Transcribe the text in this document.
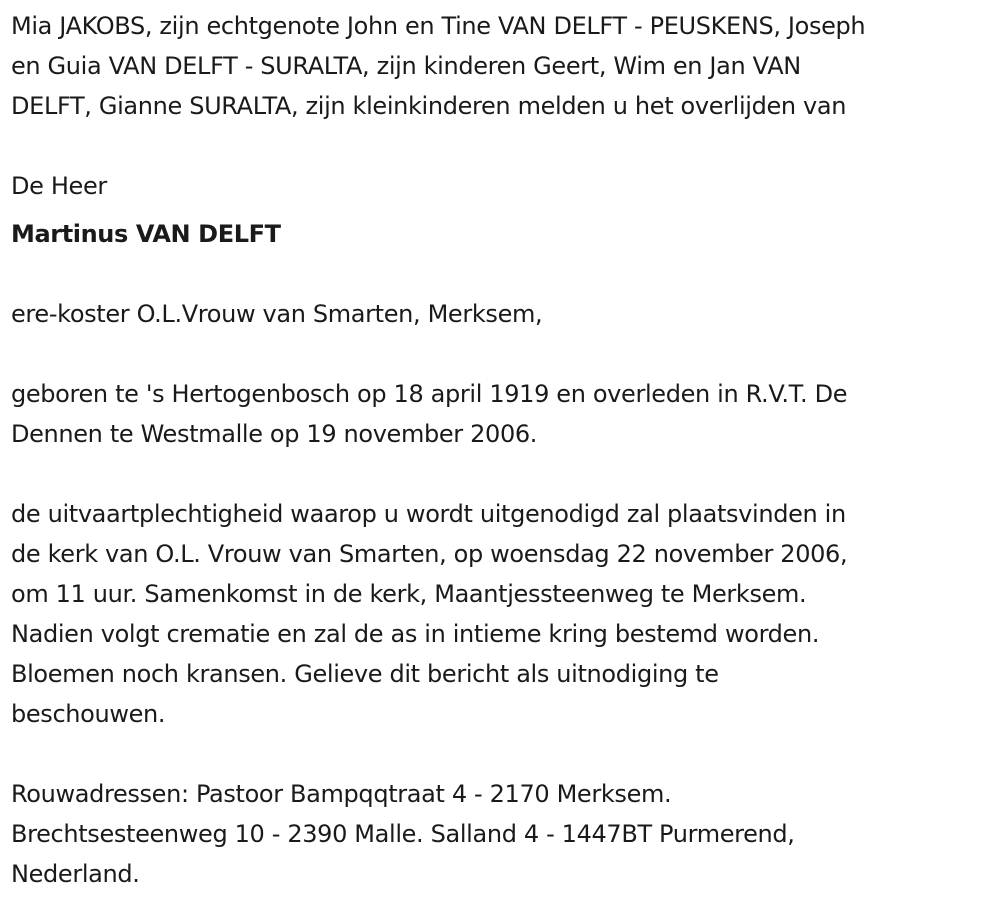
Mia JAKOBS, zijn echtgenote John en Tine VAN DELFT - PEUSKENS, Joseph
en Guia VAN DELFT - SURALTA, zijn kinderen Geert, Wim en Jan VAN
DELFT, Gianne SURALTA, zijn kleinkinderen melden u het overlijden van
De Heer
Martinus VAN DELFT
ere-koster O.L.Vrouw van Smarten, Merksem,
geboren te 's Hertogenbosch op 18 april 1919 en overleden in R.V.T. De
Dennen te Westmalle op 19 november 2006.
de uitvaartplechtigheid waarop u wordt uitgenodigd zal plaatsvinden in
de kerk van O.L. Vrouw van Smarten, op woensdag 22 november 2006,
om 11 uur. Samenkomst in de kerk, Maantjessteenweg te Merksem.
Nadien volgt crematie en zal de as in intieme kring bestemd worden.
Bloemen noch kransen. Gelieve dit bericht als uitnodiging te
beschouwen.
Rouwadressen: Pastoor Bampqqtraat 4 - 2170 Merksem.
Brechtsesteenweg 10 - 2390 Malle. Salland 4 - 1447BT Purmerend,
Nederland.
